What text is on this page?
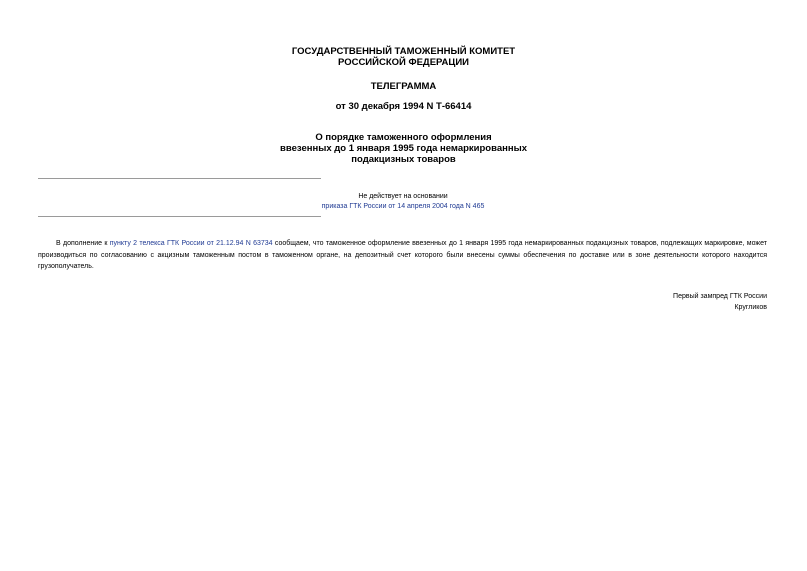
ГОСУДАРСТВЕННЫЙ ТАМОЖЕННЫЙ КОМИТЕТ
РОССИЙСКОЙ ФЕДЕРАЦИИ
ТЕЛЕГРАММА
от 30 декабря 1994 N Т-66414
О порядке таможенного оформления
ввезенных до 1 января 1995 года немаркированных
подакцизных товаров
Не действует на основании
приказа ГТК России от 14 апреля 2004 года N 465

В дополнение к пункту 2 телекса ГТК России от 21.12.94 N 63734 сообщаем, что таможенное оформление ввезенных до 1 января 1995 года немаркированных подакцизных товаров, подлежащих маркировке, может производиться по согласованию с акцизным таможенным постом в таможенном органе, на депозитный счет которого были внесены суммы обеспечения по доставке или в зоне деятельности которого находится грузополучатель.

Первый зампред ГТК России
Кругликов
